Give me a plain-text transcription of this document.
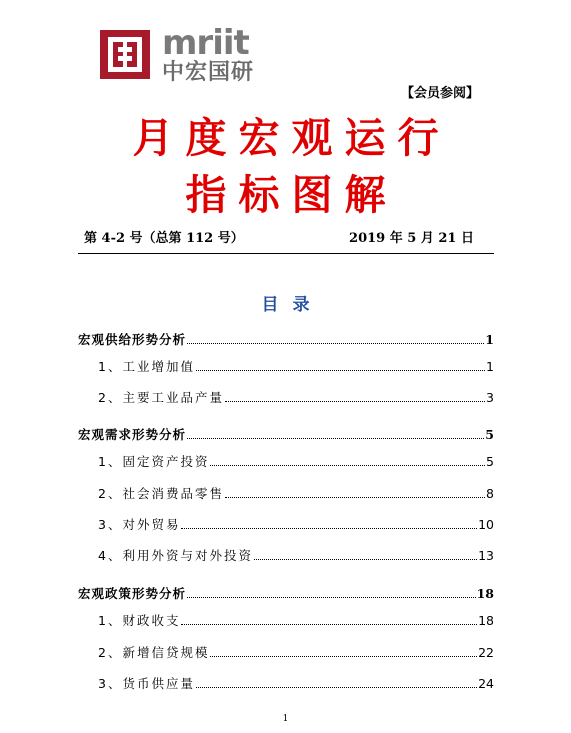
mriit
中宏国研
【会员参阅】
月度宏观运行
指标图解
第 4-2 号（总第 112 号）	2019 年 5 月 21 日
目录
宏观供给形势分析	1
1、工业增加值	1
2、主要工业品产量	3
宏观需求形势分析	5
1、固定资产投资	5
2、社会消费品零售	8
3、对外贸易	10
4、利用外资与对外投资	13
宏观政策形势分析	18
1、财政收支	18
2、新增信贷规模	22
3、货币供应量	24
1
